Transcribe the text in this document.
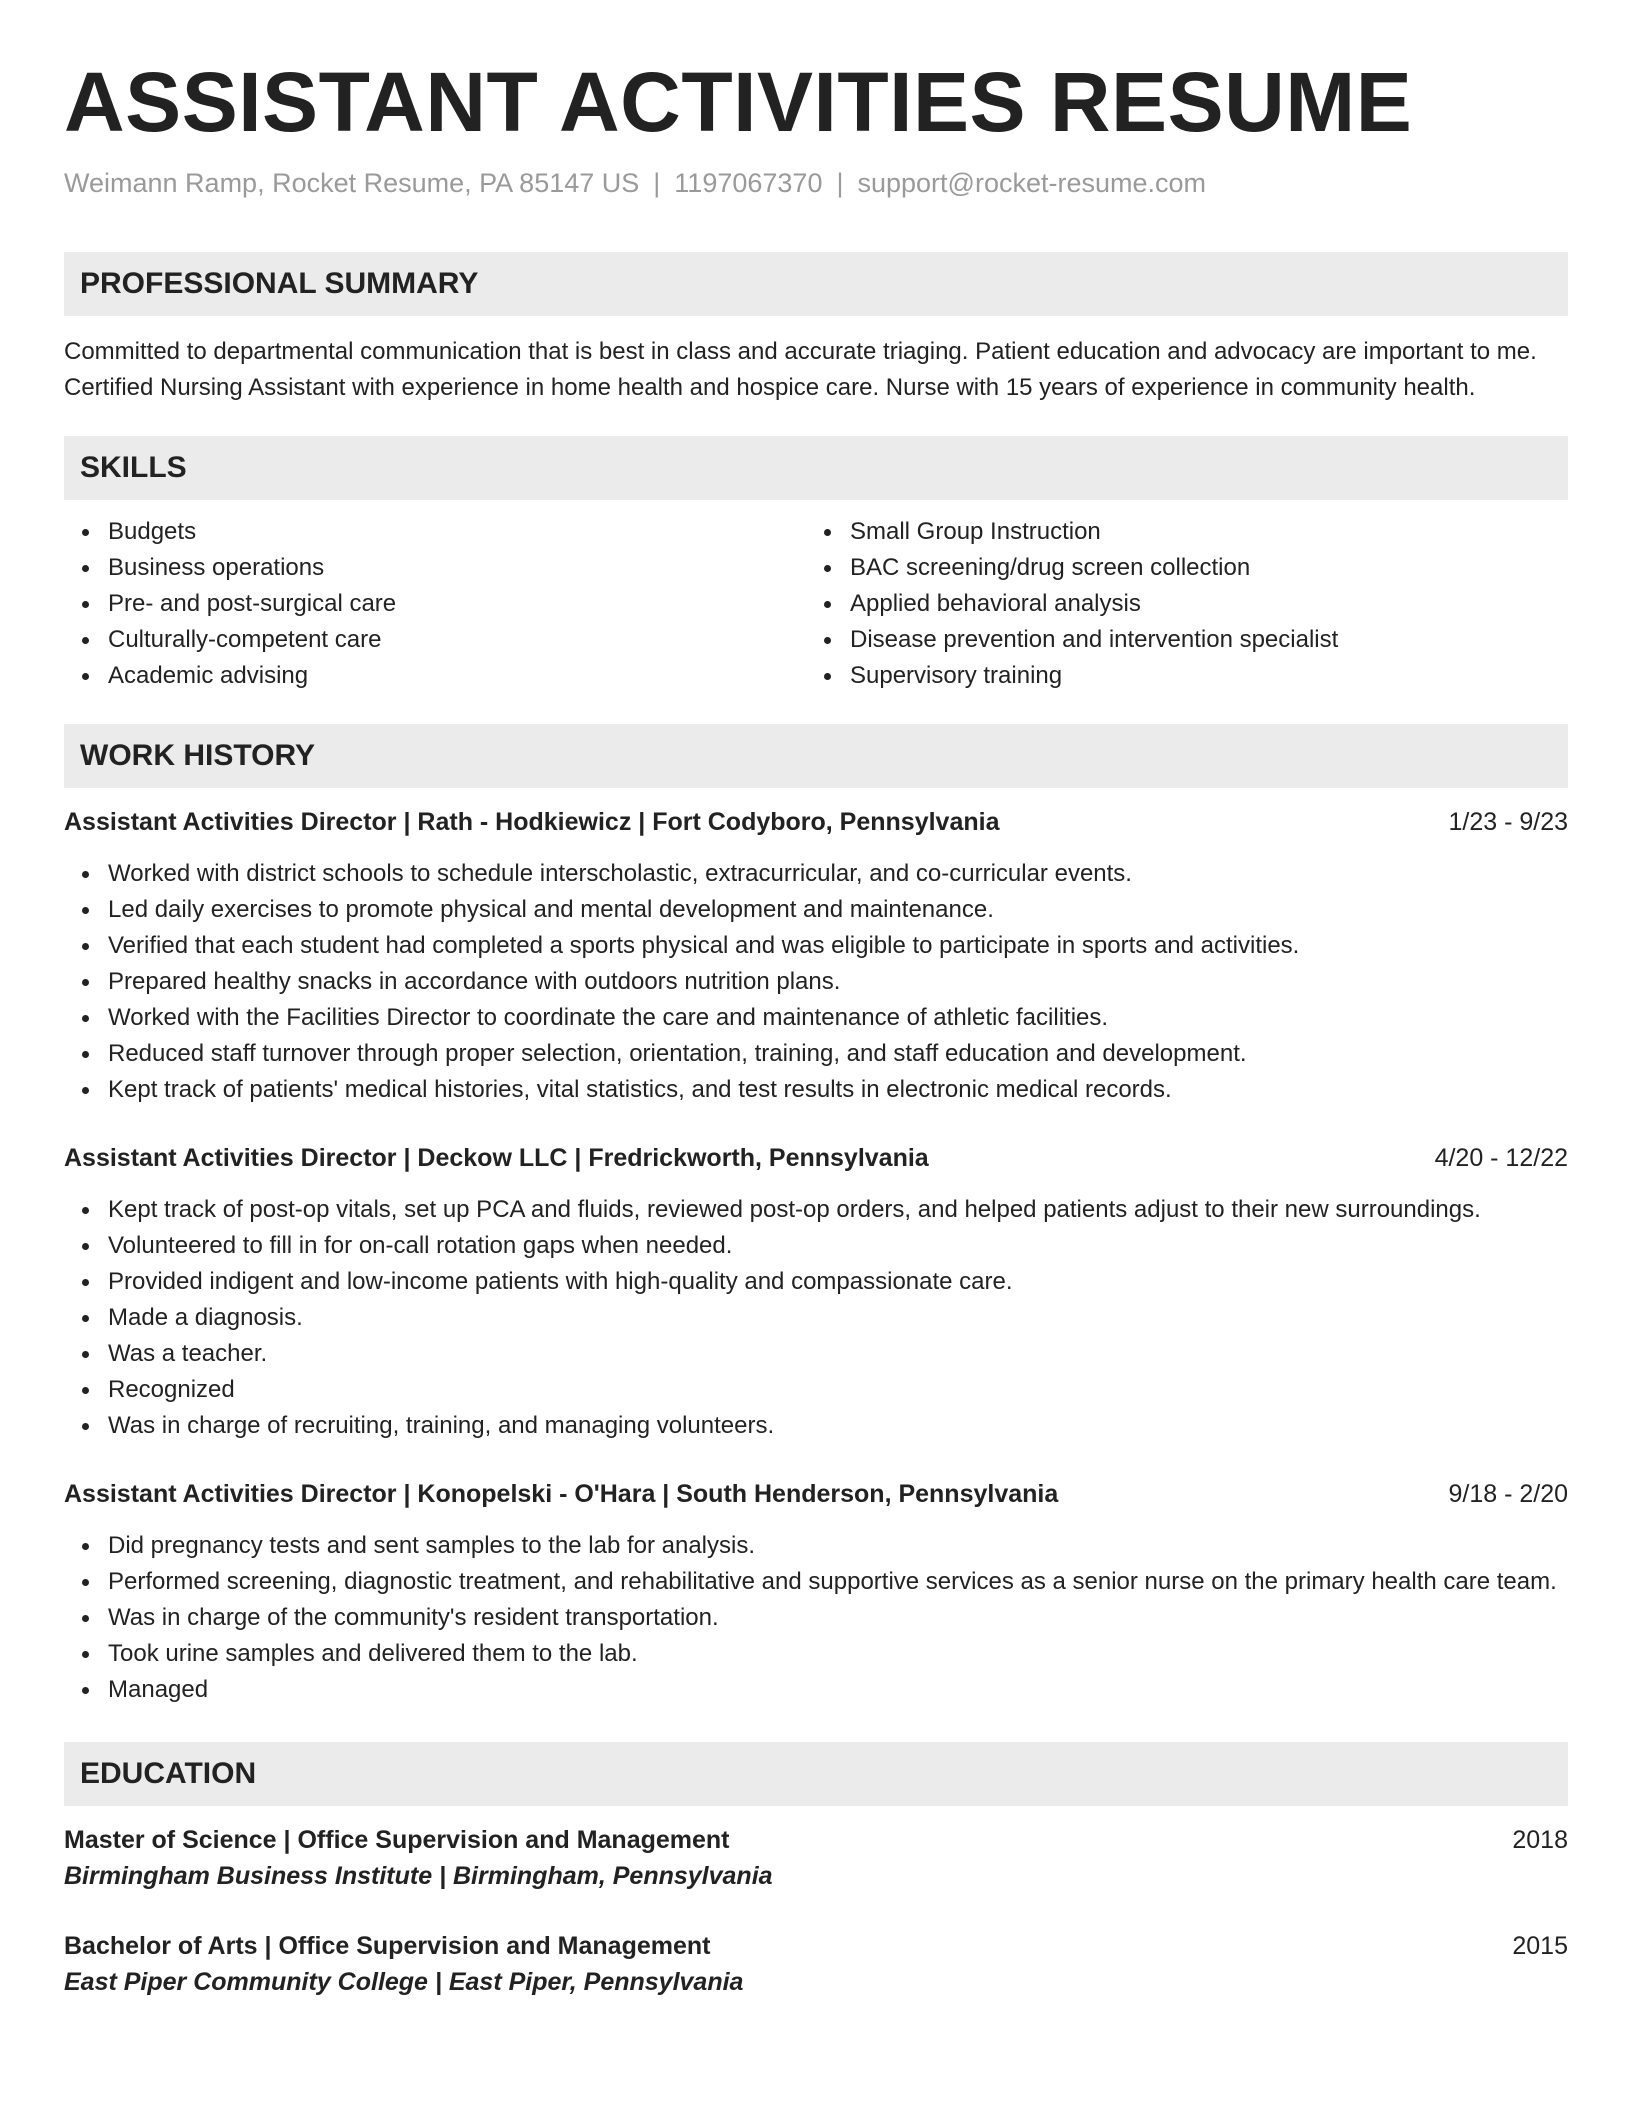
ASSISTANT ACTIVITIES RESUME
Weimann Ramp, Rocket Resume, PA 85147 US | 1197067370 | support@rocket-resume.com
PROFESSIONAL SUMMARY
Committed to departmental communication that is best in class and accurate triaging. Patient education and advocacy are important to me. Certified Nursing Assistant with experience in home health and hospice care. Nurse with 15 years of experience in community health.
SKILLS
Budgets
Business operations
Pre- and post-surgical care
Culturally-competent care
Academic advising
Small Group Instruction
BAC screening/drug screen collection
Applied behavioral analysis
Disease prevention and intervention specialist
Supervisory training
WORK HISTORY
Assistant Activities Director | Rath - Hodkiewicz | Fort Codyboro, Pennsylvania	1/23 - 9/23
Worked with district schools to schedule interscholastic, extracurricular, and co-curricular events.
Led daily exercises to promote physical and mental development and maintenance.
Verified that each student had completed a sports physical and was eligible to participate in sports and activities.
Prepared healthy snacks in accordance with outdoors nutrition plans.
Worked with the Facilities Director to coordinate the care and maintenance of athletic facilities.
Reduced staff turnover through proper selection, orientation, training, and staff education and development.
Kept track of patients' medical histories, vital statistics, and test results in electronic medical records.
Assistant Activities Director | Deckow LLC | Fredrickworth, Pennsylvania	4/20 - 12/22
Kept track of post-op vitals, set up PCA and fluids, reviewed post-op orders, and helped patients adjust to their new surroundings.
Volunteered to fill in for on-call rotation gaps when needed.
Provided indigent and low-income patients with high-quality and compassionate care.
Made a diagnosis.
Was a teacher.
Recognized
Was in charge of recruiting, training, and managing volunteers.
Assistant Activities Director | Konopelski - O'Hara | South Henderson, Pennsylvania	9/18 - 2/20
Did pregnancy tests and sent samples to the lab for analysis.
Performed screening, diagnostic treatment, and rehabilitative and supportive services as a senior nurse on the primary health care team.
Was in charge of the community's resident transportation.
Took urine samples and delivered them to the lab.
Managed
EDUCATION
Master of Science | Office Supervision and Management	2018
Birmingham Business Institute | Birmingham, Pennsylvania
Bachelor of Arts | Office Supervision and Management	2015
East Piper Community College | East Piper, Pennsylvania
